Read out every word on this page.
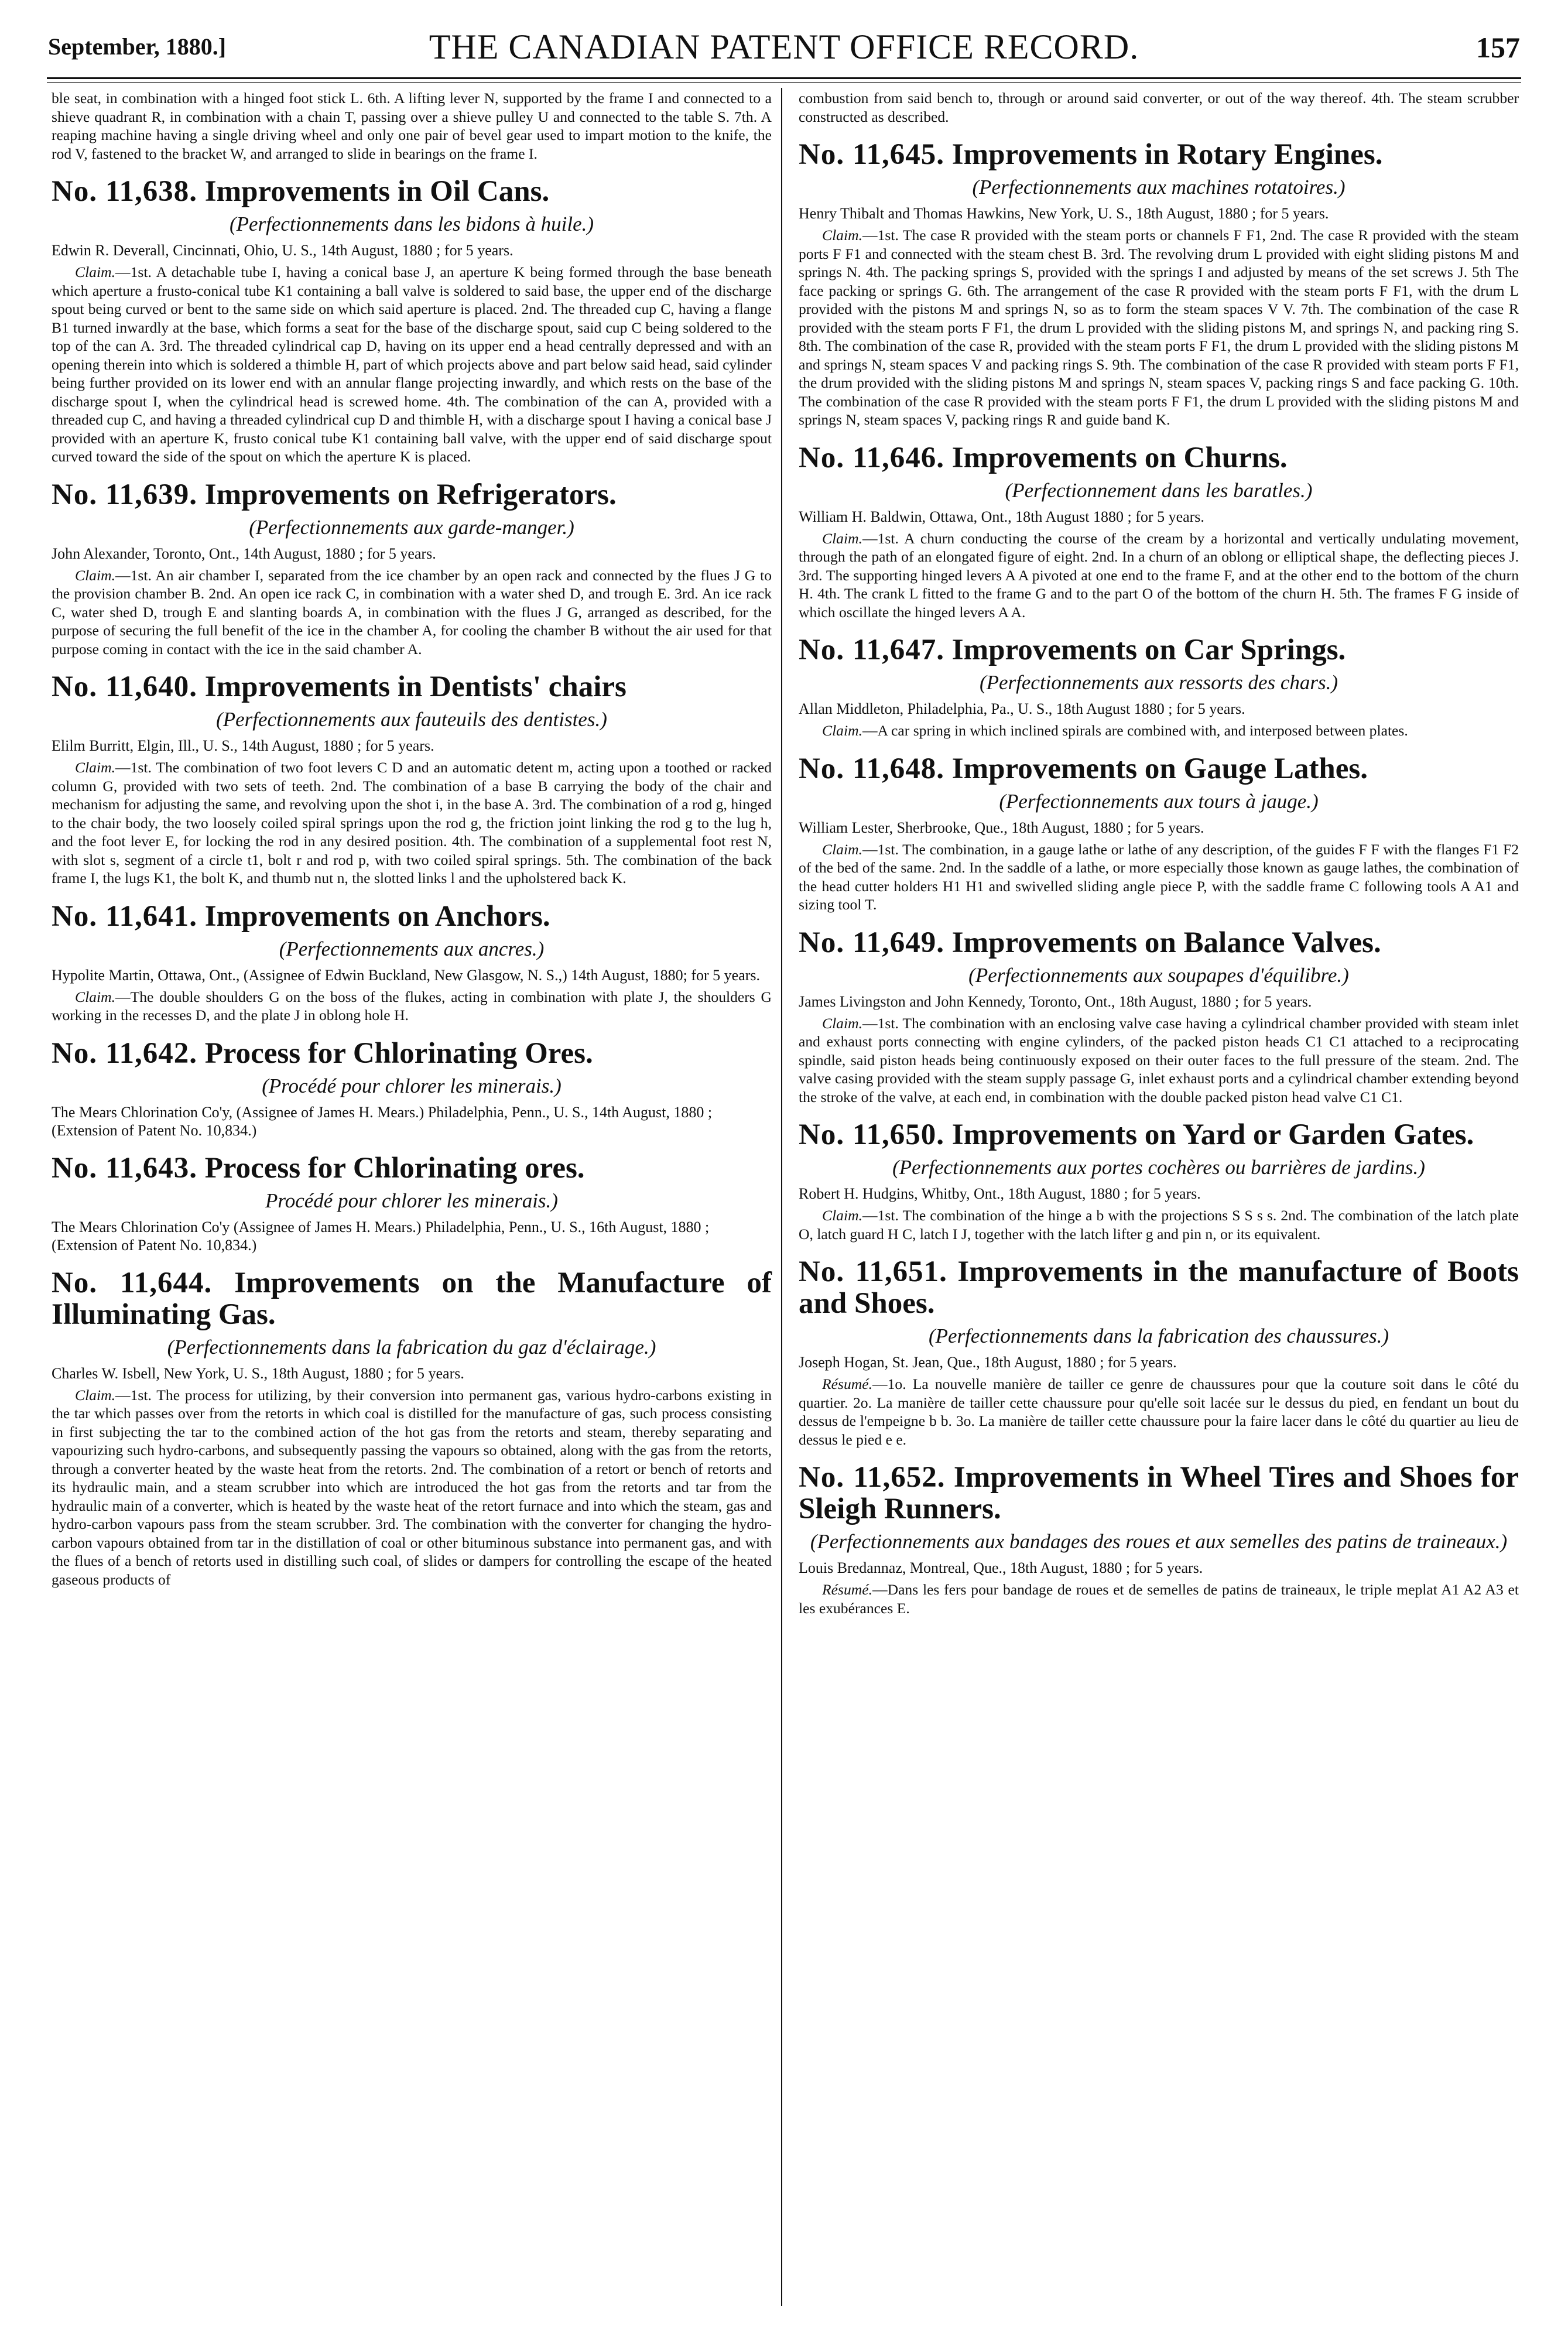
September, 1880.]	THE CANADIAN PATENT OFFICE RECORD.	157

ble seat, in combination with a hinged foot stick L. 6th. A lifting lever N, supported by the frame I and connected to a shieve quadrant R, in combination with a chain T, passing over a shieve pulley U and connected to the table S. 7th. A reaping machine having a single driving wheel and only one pair of bevel gear used to impart motion to the knife, the rod V, fastened to the bracket W, and arranged to slide in bearings on the frame I.

No. 11,638. Improvements in Oil Cans.

(Perfectionnements dans les bidons à huile.)

Edwin R. Deverall, Cincinnati, Ohio, U. S., 14th August, 1880 ; for 5 years.

Claim.—1st. A detachable tube I, having a conical base J, an aperture K being formed through the base beneath which aperture a frusto-conical tube K1 containing a ball valve is soldered to said base, the upper end of the discharge spout being curved or bent to the same side on which said aperture is placed. 2nd. The threaded cup C, having a flange B1 turned inwardly at the base, which forms a seat for the base of the discharge spout, said cup C being soldered to the top of the can A. 3rd. The threaded cylindrical cap D, having on its upper end a head centrally depressed and with an opening therein into which is soldered a thimble H, part of which projects above and part below said head, said cylinder being further provided on its lower end with an annular flange projecting inwardly, and which rests on the base of the discharge spout I, when the cylindrical head is screwed home. 4th. The combination of the can A, provided with a threaded cup C, and having a threaded cylindrical cup D and thimble H, with a discharge spout I having a conical base J provided with an aperture K, frusto conical tube K1 containing ball valve, with the upper end of said discharge spout curved toward the side of the spout on which the aperture K is placed.

No. 11,639. Improvements on Refrigerators.

(Perfectionnements aux garde-manger.)

John Alexander, Toronto, Ont., 14th August, 1880 ; for 5 years.

Claim.—1st. An air chamber I, separated from the ice chamber by an open rack and connected by the flues J G to the provision chamber B. 2nd. An open ice rack C, in combination with a water shed D, and trough E. 3rd. An ice rack C, water shed D, trough E and slanting boards A, in combination with the flues J G, arranged as described, for the purpose of securing the full benefit of the ice in the chamber A, for cooling the chamber B without the air used for that purpose coming in contact with the ice in the said chamber A.

No. 11,640. Improvements in Dentists' chairs

(Perfectionnements aux fauteuils des dentistes.)

Elilm Burritt, Elgin, Ill., U. S., 14th August, 1880 ; for 5 years.

Claim.—1st. The combination of two foot levers C D and an automatic detent m, acting upon a toothed or racked column G, provided with two sets of teeth. 2nd. The combination of a base B carrying the body of the chair and mechanism for adjusting the same, and revolving upon the shot i, in the base A. 3rd. The combination of a rod g, hinged to the chair body, the two loosely coiled spiral springs upon the rod g, the friction joint linking the rod g to the lug h, and the foot lever E, for locking the rod in any desired position. 4th. The combination of a supplemental foot rest N, with slot s, segment of a circle t1, bolt r and rod p, with two coiled spiral springs. 5th. The combination of the back frame I, the lugs K1, the bolt K, and thumb nut n, the slotted links l and the upholstered back K.

No. 11,641. Improvements on Anchors.

(Perfectionnements aux ancres.)

Hypolite Martin, Ottawa, Ont., (Assignee of Edwin Buckland, New Glasgow, N. S.,) 14th August, 1880; for 5 years.

Claim.—The double shoulders G on the boss of the flukes, acting in combination with plate J, the shoulders G working in the recesses D, and the plate J in oblong hole H.

No. 11,642. Process for Chlorinating Ores.

(Procédé pour chlorer les minerais.)

The Mears Chlorination Co'y, (Assignee of James H. Mears.) Philadelphia, Penn., U. S., 14th August, 1880 ; (Extension of Patent No. 10,834.)

No. 11,643. Process for Chlorinating ores.

Procédé pour chlorer les minerais.)

The Mears Chlorination Co'y (Assignee of James H. Mears.) Philadelphia, Penn., U. S., 16th August, 1880 ; (Extension of Patent No. 10,834.)

No. 11,644. Improvements on the Manufacture of Illuminating Gas.

(Perfectionnements dans la fabrication du gaz d'éclairage.)

Charles W. Isbell, New York, U. S., 18th August, 1880 ; for 5 years.

Claim.—1st. The process for utilizing, by their conversion into permanent gas, various hydro-carbons existing in the tar which passes over from the retorts in which coal is distilled for the manufacture of gas, such process consisting in first subjecting the tar to the combined action of the hot gas from the retorts and steam, thereby separating and vapourizing such hydro-carbons, and subsequently passing the vapours so obtained, along with the gas from the retorts, through a converter heated by the waste heat from the retorts. 2nd. The combination of a retort or bench of retorts and its hydraulic main, and a steam scrubber into which are introduced the hot gas from the retorts and tar from the hydraulic main of a converter, which is heated by the waste heat of the retort furnace and into which the steam, gas and hydro-carbon vapours pass from the steam scrubber. 3rd. The combination with the converter for changing the hydro-carbon vapours obtained from tar in the distillation of coal or other bituminous substance into permanent gas, and with the flues of a bench of retorts used in distilling such coal, of slides or dampers for controlling the escape of the heated gaseous products of

combustion from said bench to, through or around said converter, or out of the way thereof. 4th. The steam scrubber constructed as described.

No. 11,645. Improvements in Rotary Engines.

(Perfectionnements aux machines rotatoires.)

Henry Thibalt and Thomas Hawkins, New York, U. S., 18th August, 1880 ; for 5 years.

Claim.—1st. The case R provided with the steam ports or channels F F1, 2nd. The case R provided with the steam ports F F1 and connected with the steam chest B. 3rd. The revolving drum L provided with eight sliding pistons M and springs N. 4th. The packing springs S, provided with the springs I and adjusted by means of the set screws J. 5th The face packing or springs G. 6th. The arrangement of the case R provided with the steam ports F F1, with the drum L provided with the pistons M and springs N, so as to form the steam spaces V V. 7th. The combination of the case R provided with the steam ports F F1, the drum L provided with the sliding pistons M, and springs N, and packing ring S. 8th. The combination of the case R, provided with the steam ports F F1, the drum L provided with the sliding pistons M and springs N, steam spaces V and packing rings S. 9th. The combination of the case R provided with steam ports F F1, the drum provided with the sliding pistons M and springs N, steam spaces V, packing rings S and face packing G. 10th. The combination of the case R provided with the steam ports F F1, the drum L provided with the sliding pistons M and springs N, steam spaces V, packing rings R and guide band K.

No. 11,646. Improvements on Churns.

(Perfectionnement dans les baratles.)

William H. Baldwin, Ottawa, Ont., 18th August 1880 ; for 5 years.

Claim.—1st. A churn conducting the course of the cream by a horizontal and vertically undulating movement, through the path of an elongated figure of eight. 2nd. In a churn of an oblong or elliptical shape, the deflecting pieces J. 3rd. The supporting hinged levers A A pivoted at one end to the frame F, and at the other end to the bottom of the churn H. 4th. The crank L fitted to the frame G and to the part O of the bottom of the churn H. 5th. The frames F G inside of which oscillate the hinged levers A A.

No. 11,647. Improvements on Car Springs.

(Perfectionnements aux ressorts des chars.)

Allan Middleton, Philadelphia, Pa., U. S., 18th August 1880 ; for 5 years.

Claim.—A car spring in which inclined spirals are combined with, and interposed between plates.

No. 11,648. Improvements on Gauge Lathes.

(Perfectionnements aux tours à jauge.)

William Lester, Sherbrooke, Que., 18th August, 1880 ; for 5 years.

Claim.—1st. The combination, in a gauge lathe or lathe of any description, of the guides F F with the flanges F1 F2 of the bed of the same. 2nd. In the saddle of a lathe, or more especially those known as gauge lathes, the combination of the head cutter holders H1 H1 and swivelled sliding angle piece P, with the saddle frame C following tools A A1 and sizing tool T.

No. 11,649. Improvements on Balance Valves.

(Perfectionnements aux soupapes d'équilibre.)

James Livingston and John Kennedy, Toronto, Ont., 18th August, 1880 ; for 5 years.

Claim.—1st. The combination with an enclosing valve case having a cylindrical chamber provided with steam inlet and exhaust ports connecting with engine cylinders, of the packed piston heads C1 C1 attached to a reciprocating spindle, said piston heads being continuously exposed on their outer faces to the full pressure of the steam. 2nd. The valve casing provided with the steam supply passage G, inlet exhaust ports and a cylindrical chamber extending beyond the stroke of the valve, at each end, in combination with the double packed piston head valve C1 C1.

No. 11,650. Improvements on Yard or Garden Gates.

(Perfectionnements aux portes cochères ou barrières de jardins.)

Robert H. Hudgins, Whitby, Ont., 18th August, 1880 ; for 5 years.

Claim.—1st. The combination of the hinge a b with the projections S S s s. 2nd. The combination of the latch plate O, latch guard H C, latch I J, together with the latch lifter g and pin n, or its equivalent.

No. 11,651. Improvements in the manufacture of Boots and Shoes.

(Perfectionnements dans la fabrication des chaussures.)

Joseph Hogan, St. Jean, Que., 18th August, 1880 ; for 5 years.

Résumé.—1o. La nouvelle manière de tailler ce genre de chaussures pour que la couture soit dans le côté du quartier. 2o. La manière de tailler cette chaussure pour qu'elle soit lacée sur le dessus du pied, en fendant un bout du dessus de l'empeigne b b. 3o. La manière de tailler cette chaussure pour la faire lacer dans le côté du quartier au lieu de dessus le pied e e.

No. 11,652. Improvements in Wheel Tires and Shoes for Sleigh Runners.

(Perfectionnements aux bandages des roues et aux semelles des patins de traineaux.)

Louis Bredannaz, Montreal, Que., 18th August, 1880 ; for 5 years.

Résumé.—Dans les fers pour bandage de roues et de semelles de patins de traineaux, le triple meplat A1 A2 A3 et les exubérances E.
